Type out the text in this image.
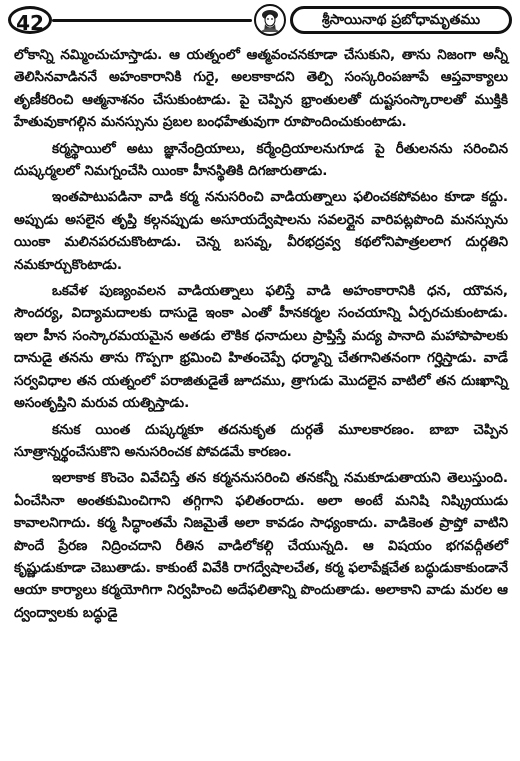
42	శ్రీసాయినాథ ప్రబోధామృతము

లోకాన్ని నమ్మించుచూస్తాడు. ఆ యత్నంలో ఆత్మవంచనకూడా చేసుకుని, తాను నిజంగా అన్నీ తెలిసినవాడిననే అహంకారానికి గురై, అలకాకాదని తెల్పి సంస్కరింపజూపే ఆప్తవాక్యాలు తృణీకరించి ఆత్మనాశనం చేసుకుంటాడు. పై చెప్పిన భ్రాంతులతో దుష్టసంస్కారాలతో ముక్తికి హేతువుకాగల్గిన మనస్సును ప్రబల బంధహేతువుగా రూపొందించుకుంటాడు.

కర్మస్థాయిలో అటు జ్ఞానేంద్రియాలు, కర్మేంద్రియాలనుగూడ పై రీతులనను సరించిన దుష్కర్మలలో నిమగ్నంచేసి యింకా హీనస్థితికి దిగజారుతాడు.

ఇంతపాటుపడినా వాడి కర్మ ననుసరించి వాడియత్నాలు ఫలించకపోవటం కూడా కద్దు. అప్పుడు అసలైన తృప్తి కల్గనప్పుడు అసూయద్వేషాలను సవలర్లైన వారిపట్లపొంది మనస్సును యింకా మలినపరచుకొంటాడు. చెన్న బసవ్న, వీరభద్రవ్వ కథలోనిపాత్రలలాగ దుర్గతిని నమకూర్చుకొంటాడు.

ఒకవేళ పుణ్యంవలన వాడియత్నాలు ఫలిస్తే వాడి అహంకారానికి ధన, యౌవన, సౌందర్య, విద్యామదాలకు దాసుడై ఇంకా ఎంతో హీనకర్మల సంచయాన్ని ఏర్పరచుకుంటాడు. ఇలా హీన సంస్కారమయమైన అతడు లౌకిక ధనాదులు ప్రాప్తిస్తే మద్య పానాది మహాపాపాలకు దానుడై తనను తాను గొప్పగా భ్రమించి హితంచెప్పే ధర్మాన్ని చేతగానితనంగా గర్హిస్తాడు. వాడే సర్వవిధాల తన యత్నంలో పరాజితుడైతే జూదము, త్రాగుడు మొదలైన వాటిలో తన దుఃఖాన్ని అసంతృప్తిని మరువ యత్నిస్తాడు.

కనుక యింత దుష్కర్మకూ తదనుకృత దుర్గతే మూలకారణం. బాబా చెప్పిన సూత్రాన్నర్థంచేసుకొని అనుసరించక పోవడమే కారణం.

ఇలాకాక కొంచెం వివేచిస్తే తన కర్మననుసరించి తనకన్నీ నమకూడుతాయని తెలుస్తుంది. ఏంచేసినా అంతకుమించిగాని తగ్గిగాని ఫలితంరాదు. అలా అంటే మనిషి నిష్క్రియుడు కావాలనిగాదు. కర్మ సిద్ధాంతమే నిజమైతే అలా కావడం సాధ్యంకాదు. వాడికెంత ప్రాప్తో వాటిని పొందే ప్రేరణ నిద్రించదాని రీతిన వాడిలోకల్గి చేయున్నది. ఆ విషయం భగవద్గీతలో కృష్ణుడుకూడా చెబుతాడు. కాకుంటే వివేకి రాగద్వేషాలచేత, కర్మ ఫలాపేక్షచేత బద్ధుడుకాకుండానే ఆయా కార్యాలు కర్మయోగిగా నిర్వహించి అదేఫలితాన్ని పొందుతాడు. అలాకాని వాడు మరల ఆ ద్వంద్వాలకు బద్ధుడై
